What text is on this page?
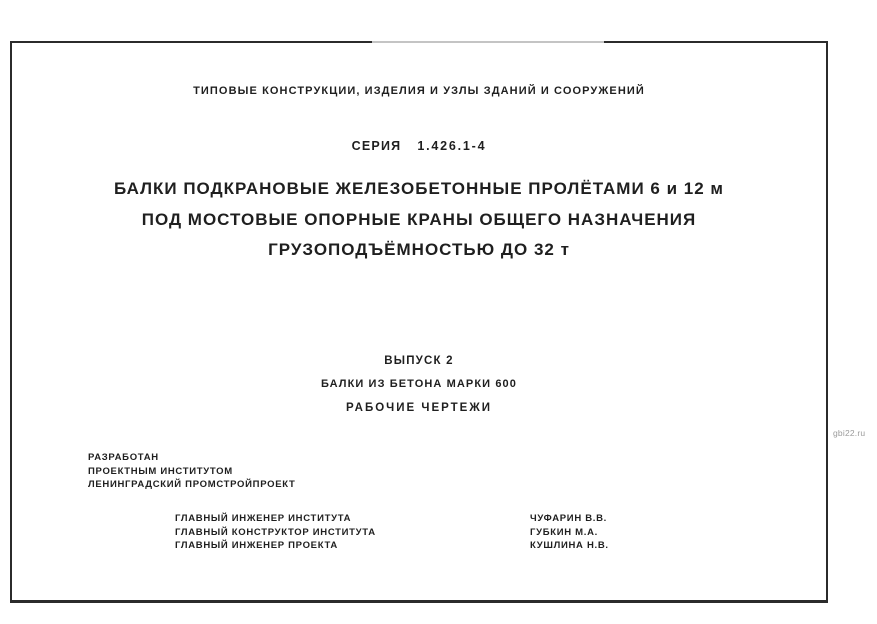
ТИПОВЫЕ КОНСТРУКЦИИ, ИЗДЕЛИЯ И УЗЛЫ ЗДАНИЙ И СООРУЖЕНИЙ
СЕРИЯ 1.426.1-4
БАЛКИ ПОДКРАНОВЫЕ ЖЕЛЕЗОБЕТОННЫЕ ПРОЛЁТАМИ 6 и 12 м
ПОД МОСТОВЫЕ ОПОРНЫЕ КРАНЫ ОБЩЕГО НАЗНАЧЕНИЯ
ГРУЗОПОДЪЁМНОСТЬЮ ДО 32 т
ВЫПУСК 2
БАЛКИ ИЗ БЕТОНА МАРКИ 600
РАБОЧИЕ ЧЕРТЕЖИ
РАЗРАБОТАН
ПРОЕКТНЫМ ИНСТИТУТОМ
ЛЕНИНГРАДСКИЙ ПРОМСТРОЙПРОЕКТ
ГЛАВНЫЙ ИНЖЕНЕР ИНСТИТУТА	ЧУФАРИН В.В.
ГЛАВНЫЙ КОНСТРУКТОР ИНСТИТУТА	ГУБКИН М.А.
ГЛАВНЫЙ ИНЖЕНЕР ПРОЕКТА	КУШЛИНА Н.В.
gbi22.ru
